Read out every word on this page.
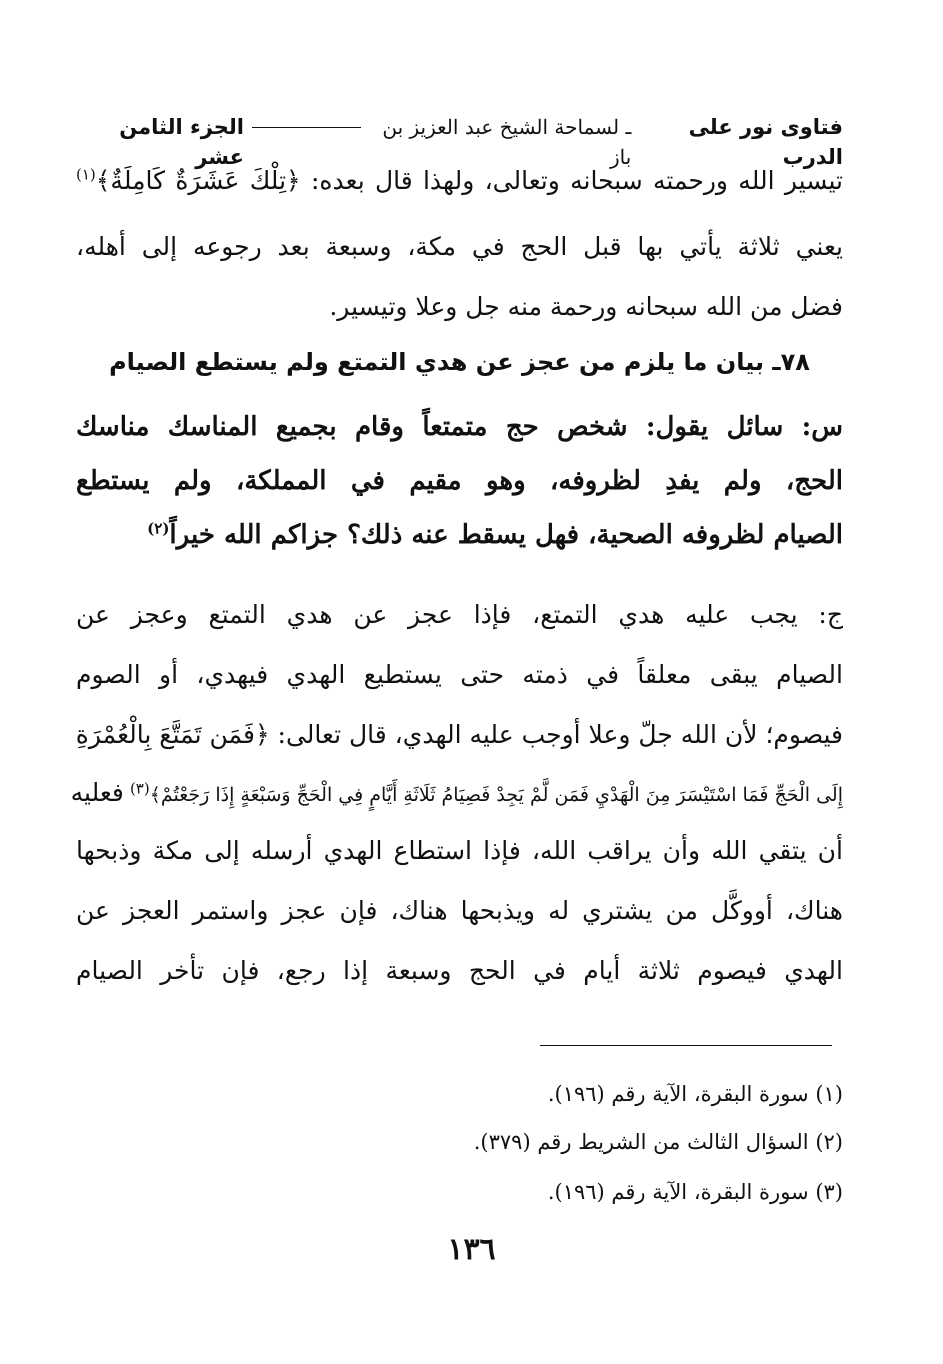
فتاوى نور على الدرب
ـ لسماحة الشيخ عبد العزيز بن باز
الجزء الثامن عشر
تيسير الله ورحمته سبحانه وتعالى، ولهذا قال بعده: ﴿تِلْكَ عَشَرَةٌ كَامِلَةٌ﴾$^{(١)}$
يعني ثلاثة يأتي بها قبل الحج في مكة، وسبعة بعد رجوعه إلى أهله،
فضل من الله سبحانه ورحمة منه جل وعلا وتيسير.
٧٨ـ بيان ما يلزم من عجز عن هدي التمتع ولم يستطع الصيام
س: سائل يقول: شخص حج متمتعاً وقام بجميع المناسك مناسك
الحج، ولم يفدِ لظروفه، وهو مقيم في المملكة، ولم يستطع
الصيام لظروفه الصحية، فهل يسقط عنه ذلك؟ جزاكم الله خيراً$^{(٢)}$
ج: يجب عليه هدي التمتع، فإذا عجز عن هدي التمتع وعجز عن
الصيام يبقى معلقاً في ذمته حتى يستطيع الهدي فيهدي، أو الصوم
فيصوم؛ لأن الله جلّ وعلا أوجب عليه الهدي، قال تعالى: ﴿فَمَن تَمَتَّعَ بِالْعُمْرَةِ
إِلَى الْحَجِّ فَمَا اسْتَيْسَرَ مِنَ الْهَدْيِ فَمَن لَّمْ يَجِدْ فَصِيَامُ ثَلَاثَةِ أَيَّامٍ فِي الْحَجِّ وَسَبْعَةٍ إِذَا رَجَعْتُمْ﴾$^{(٣)}$ فعليه
أن يتقي الله وأن يراقب الله، فإذا استطاع الهدي أرسله إلى مكة وذبحها
هناك، أووكَّل من يشتري له ويذبحها هناك، فإن عجز واستمر العجز عن
الهدي فيصوم ثلاثة أيام في الحج وسبعة إذا رجع، فإن تأخر الصيام
(١) سورة البقرة، الآية رقم (١٩٦).
(٢) السؤال الثالث من الشريط رقم (٣٧٩).
(٣) سورة البقرة، الآية رقم (١٩٦).
١٣٦
